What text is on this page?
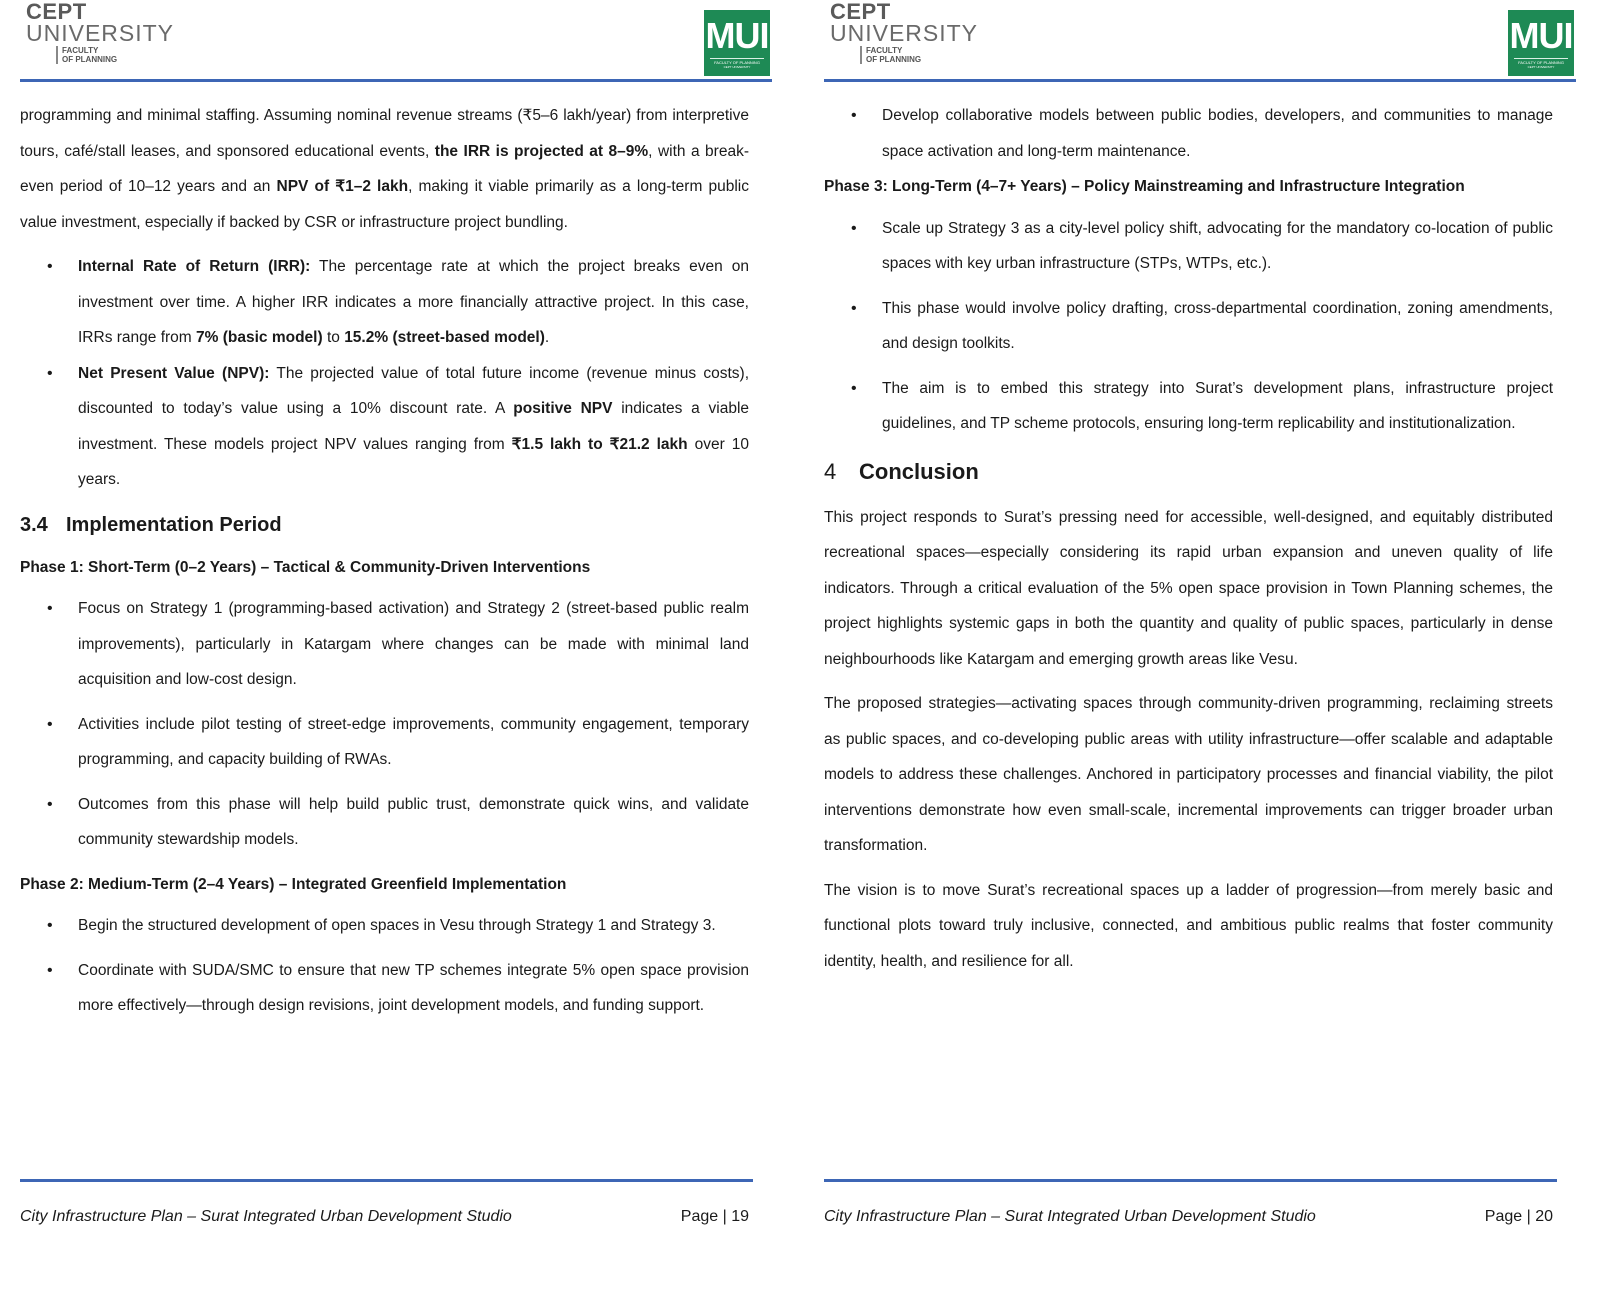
CEPT
UNIVERSITY
FACULTY
OF PLANNING
MUI
FACULTY OF PLANNING
CEPT UNIVERSITY

programming and minimal staffing. Assuming nominal revenue streams (₹5–6 lakh/year) from interpretive tours, café/stall leases, and sponsored educational events, the IRR is projected at 8–9%, with a break-even period of 10–12 years and an NPV of ₹1–2 lakh, making it viable primarily as a long-term public value investment, especially if backed by CSR or infrastructure project bundling.

• Internal Rate of Return (IRR): The percentage rate at which the project breaks even on investment over time. A higher IRR indicates a more financially attractive project. In this case, IRRs range from 7% (basic model) to 15.2% (street-based model).

• Net Present Value (NPV): The projected value of total future income (revenue minus costs), discounted to today’s value using a 10% discount rate. A positive NPV indicates a viable investment. These models project NPV values ranging from ₹1.5 lakh to ₹21.2 lakh over 10 years.

3.4 Implementation Period
Phase 1: Short-Term (0–2 Years) – Tactical & Community-Driven Interventions

• Focus on Strategy 1 (programming-based activation) and Strategy 2 (street-based public realm improvements), particularly in Katargam where changes can be made with minimal land acquisition and low-cost design.

• Activities include pilot testing of street-edge improvements, community engagement, temporary programming, and capacity building of RWAs.

• Outcomes from this phase will help build public trust, demonstrate quick wins, and validate community stewardship models.

Phase 2: Medium-Term (2–4 Years) – Integrated Greenfield Implementation

• Begin the structured development of open spaces in Vesu through Strategy 1 and Strategy 3.

• Coordinate with SUDA/SMC to ensure that new TP schemes integrate 5% open space provision more effectively—through design revisions, joint development models, and funding support.

City Infrastructure Plan – Surat Integrated Urban Development Studio	Page | 19
CEPT
UNIVERSITY
FACULTY
OF PLANNING
MUI
FACULTY OF PLANNING
CEPT UNIVERSITY

• Develop collaborative models between public bodies, developers, and communities to manage space activation and long-term maintenance.

Phase 3: Long-Term (4–7+ Years) – Policy Mainstreaming and Infrastructure Integration

• Scale up Strategy 3 as a city-level policy shift, advocating for the mandatory co-location of public spaces with key urban infrastructure (STPs, WTPs, etc.).

• This phase would involve policy drafting, cross-departmental coordination, zoning amendments, and design toolkits.

• The aim is to embed this strategy into Surat’s development plans, infrastructure project guidelines, and TP scheme protocols, ensuring long-term replicability and institutionalization.

4 Conclusion

This project responds to Surat’s pressing need for accessible, well-designed, and equitably distributed recreational spaces—especially considering its rapid urban expansion and uneven quality of life indicators. Through a critical evaluation of the 5% open space provision in Town Planning schemes, the project highlights systemic gaps in both the quantity and quality of public spaces, particularly in dense neighbourhoods like Katargam and emerging growth areas like Vesu.

The proposed strategies—activating spaces through community-driven programming, reclaiming streets as public spaces, and co-developing public areas with utility infrastructure—offer scalable and adaptable models to address these challenges. Anchored in participatory processes and financial viability, the pilot interventions demonstrate how even small-scale, incremental improvements can trigger broader urban transformation.

The vision is to move Surat’s recreational spaces up a ladder of progression—from merely basic and functional plots toward truly inclusive, connected, and ambitious public realms that foster community identity, health, and resilience for all.

City Infrastructure Plan – Surat Integrated Urban Development Studio	Page | 20
